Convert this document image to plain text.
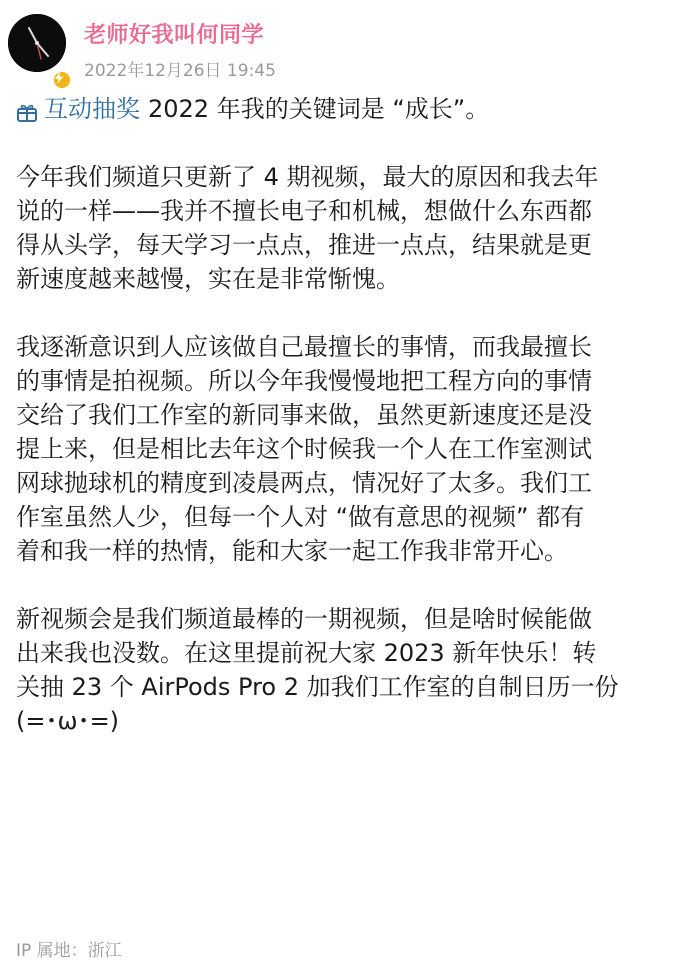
老师好我叫何同学
2022年12月26日 19:45
互动抽奖 2022 年我的关键词是 “成长”。
今年我们频道只更新了 4 期视频，最大的原因和我去年
说的一样——我并不擅长电子和机械，想做什么东西都
得从头学，每天学习一点点，推进一点点，结果就是更
新速度越来越慢，实在是非常惭愧。
我逐渐意识到人应该做自己最擅长的事情，而我最擅长
的事情是拍视频。所以今年我慢慢地把工程方向的事情
交给了我们工作室的新同事来做，虽然更新速度还是没
提上来，但是相比去年这个时候我一个人在工作室测试
网球抛球机的精度到凌晨两点，情况好了太多。我们工
作室虽然人少，但每一个人对 “做有意思的视频” 都有
着和我一样的热情，能和大家一起工作我非常开心。
新视频会是我们频道最棒的一期视频，但是啥时候能做
出来我也没数。在这里提前祝大家 2023 新年快乐！转
关抽 23 个 AirPods Pro 2 加我们工作室的自制日历一份
(=･ω･=)
IP 属地：浙江
